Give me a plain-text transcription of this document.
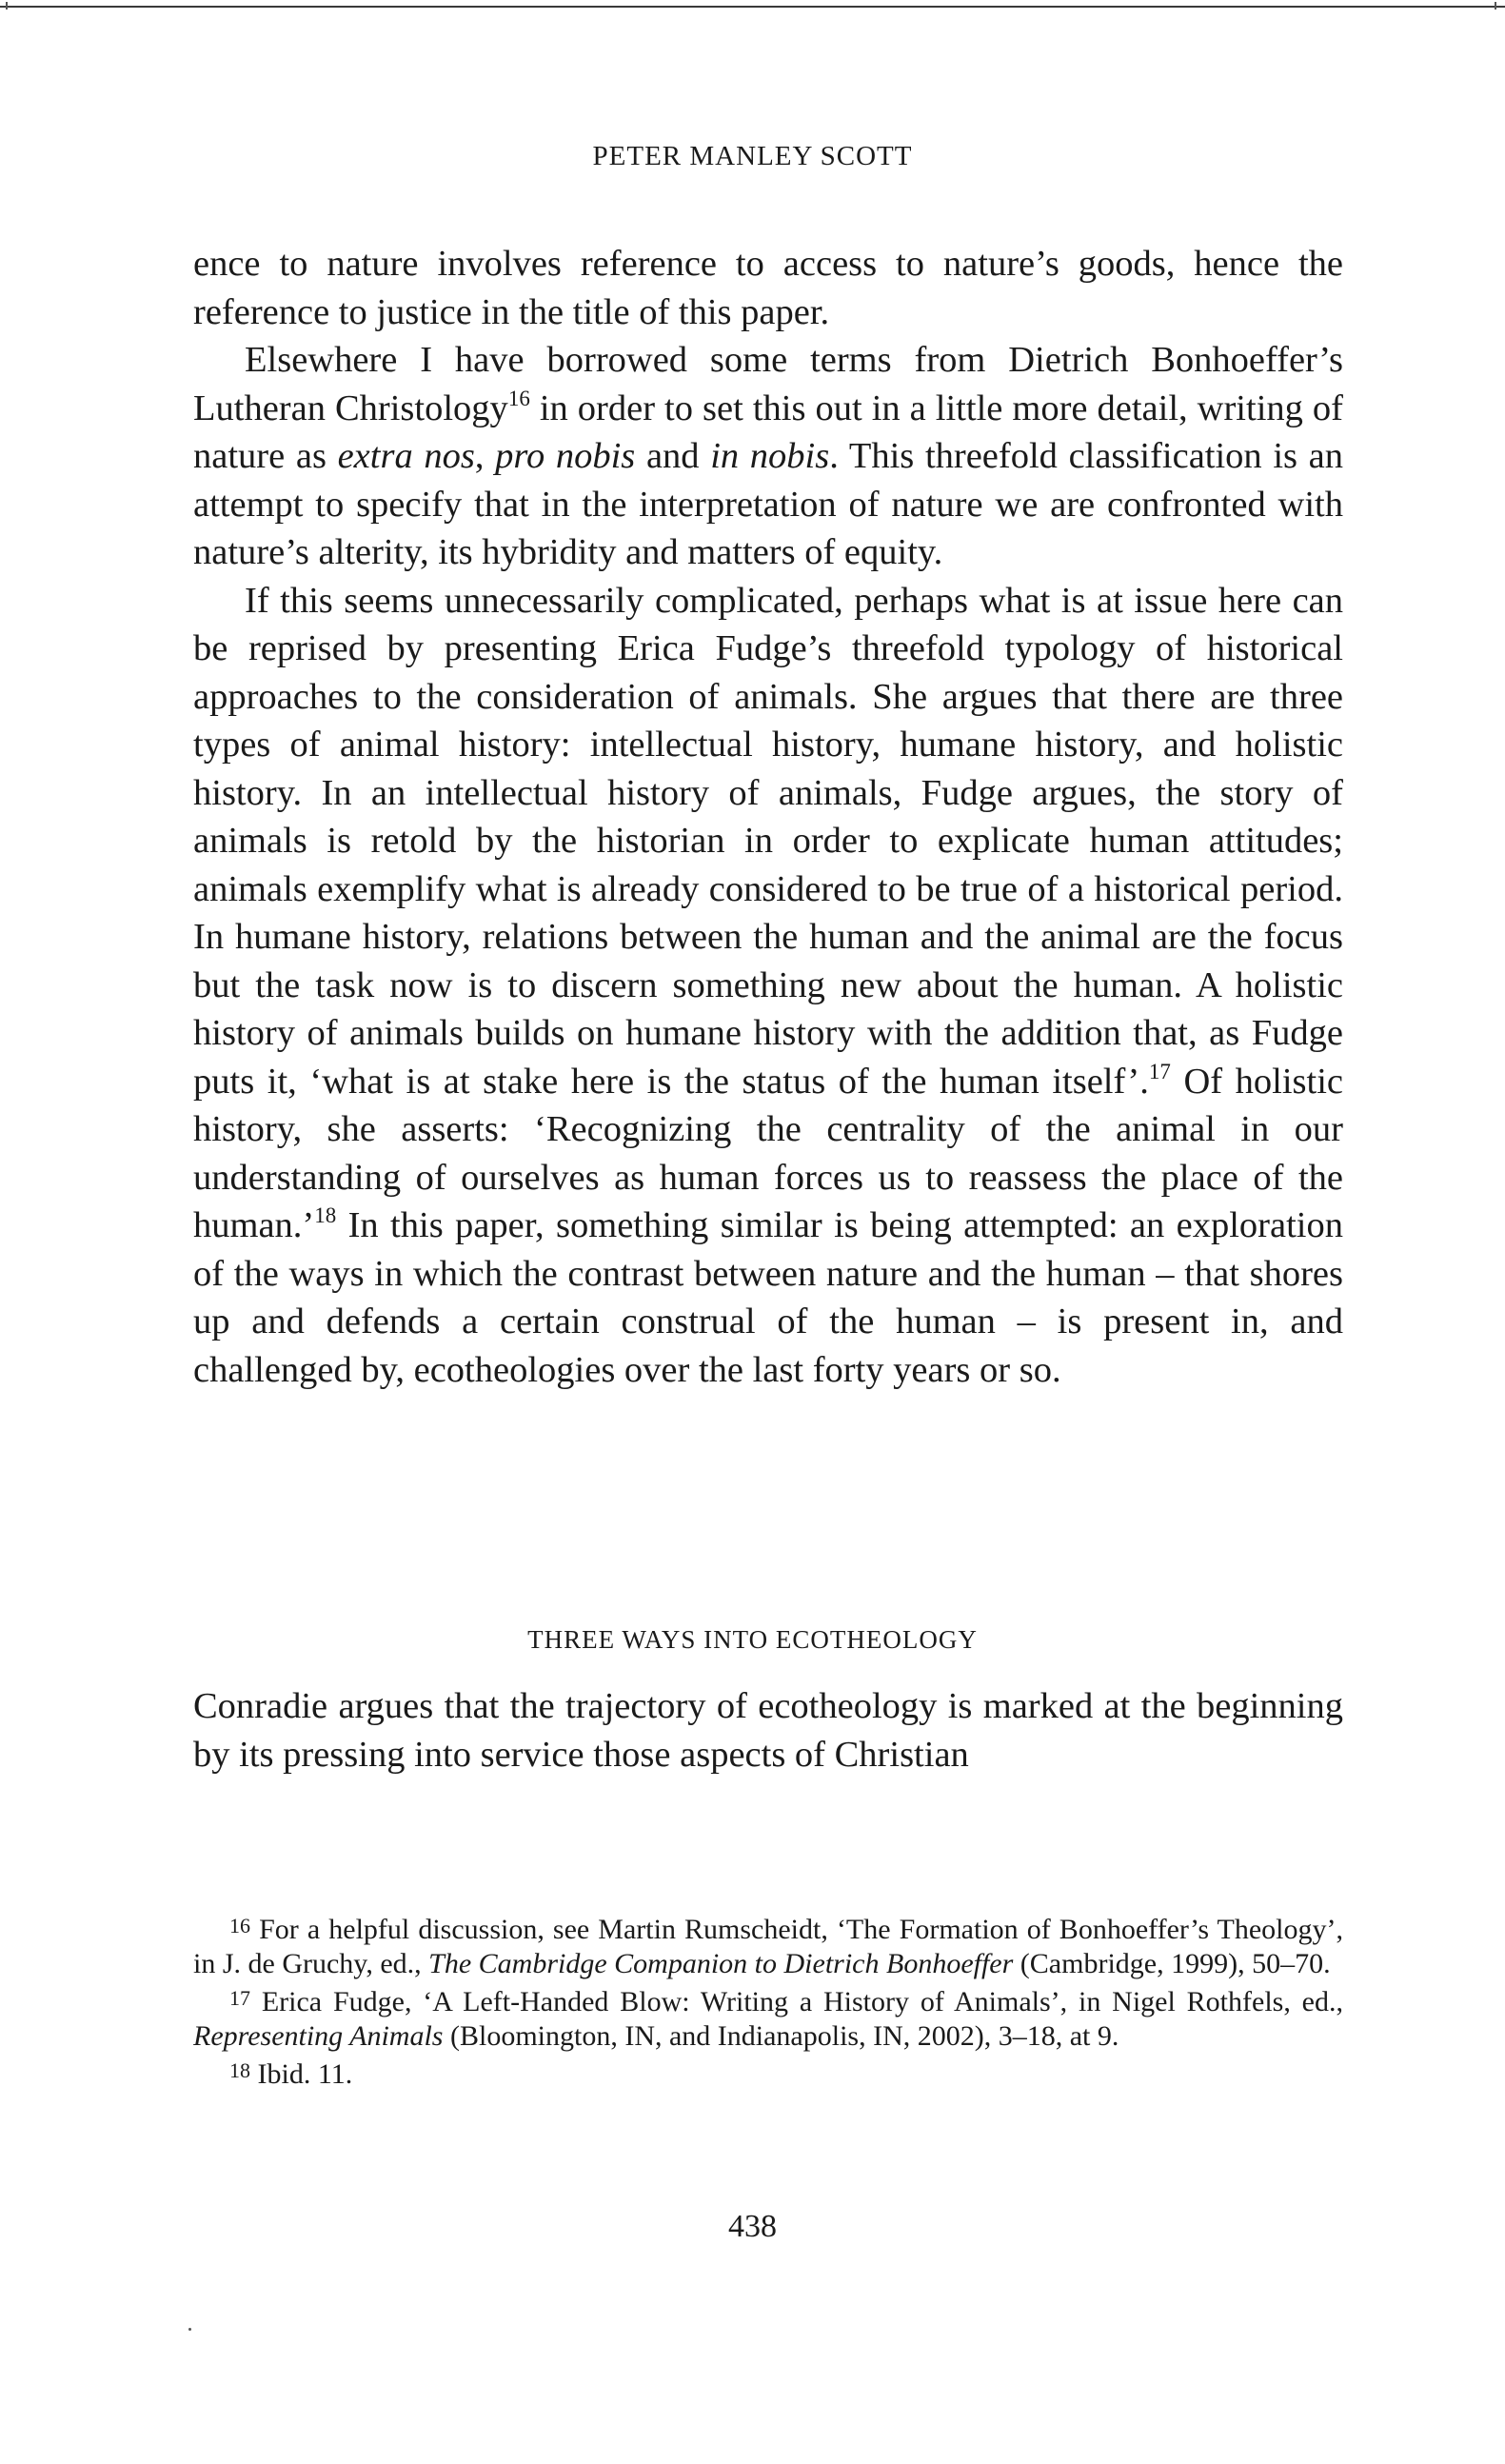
PETER MANLEY SCOTT

ence to nature involves reference to access to nature’s goods, hence the reference to justice in the title of this paper.

Elsewhere I have borrowed some terms from Dietrich Bonhoeffer’s Lutheran Christology$^{16}$ in order to set this out in a little more detail, writing of nature as extra nos, pro nobis and in nobis. This threefold classification is an attempt to specify that in the interpretation of nature we are confronted with nature’s alterity, its hybridity and matters of equity.

If this seems unnecessarily complicated, perhaps what is at issue here can be reprised by presenting Erica Fudge’s threefold typology of historical approaches to the consideration of animals. She argues that there are three types of animal history: intellectual history, humane history, and holistic history. In an intellectual history of animals, Fudge argues, the story of animals is retold by the historian in order to explicate human attitudes; animals exemplify what is already considered to be true of a historical period. In humane history, relations between the human and the animal are the focus but the task now is to discern something new about the human. A holistic history of animals builds on humane history with the addition that, as Fudge puts it, ‘what is at stake here is the status of the human itself’.$^{17}$ Of holistic history, she asserts: ‘Recognizing the centrality of the animal in our understanding of ourselves as human forces us to reassess the place of the human.’$^{18}$ In this paper, something similar is being attempted: an exploration of the ways in which the contrast between nature and the human – that shores up and defends a certain construal of the human – is present in, and challenged by, ecotheologies over the last forty years or so.

THREE WAYS INTO ECOTHEOLOGY

Conradie argues that the trajectory of ecotheology is marked at the beginning by its pressing into service those aspects of Christian

$^{16}$ For a helpful discussion, see Martin Rumscheidt, ‘The Formation of Bonhoeffer’s Theology’, in J. de Gruchy, ed., The Cambridge Companion to Dietrich Bonhoeffer (Cambridge, 1999), 50–70.

$^{17}$ Erica Fudge, ‘A Left-Handed Blow: Writing a History of Animals’, in Nigel Rothfels, ed., Representing Animals (Bloomington, IN, and Indianapolis, IN, 2002), 3–18, at 9.

$^{18}$ Ibid. 11.

438
